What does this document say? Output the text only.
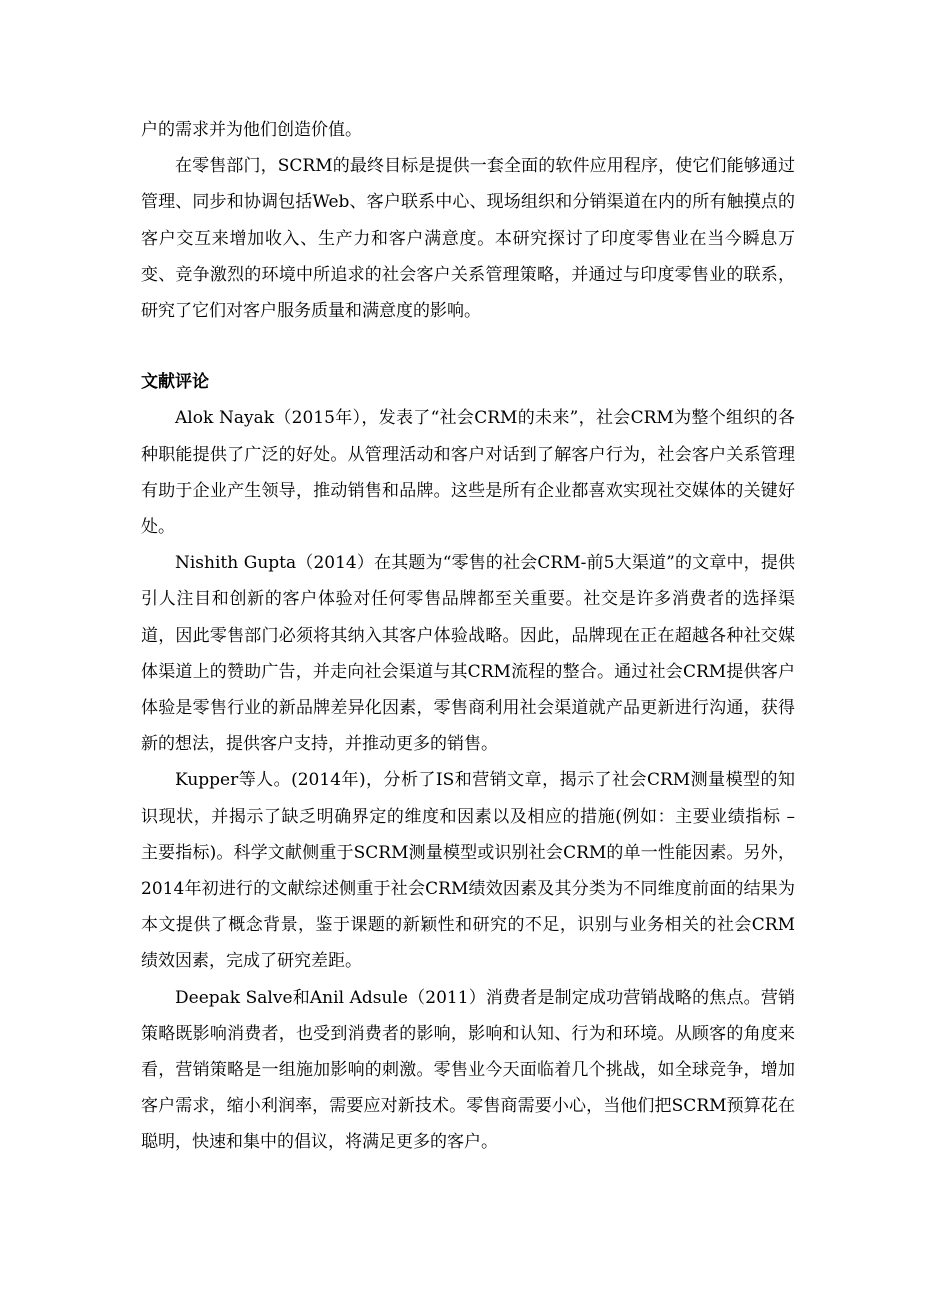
户的需求并为他们创造价值。

在零售部门，SCRM的最终目标是提供一套全面的软件应用程序，使它们能够通过管理、同步和协调包括Web、客户联系中心、现场组织和分销渠道在内的所有触摸点的客户交互来增加收入、生产力和客户满意度。本研究探讨了印度零售业在当今瞬息万变、竞争激烈的环境中所追求的社会客户关系管理策略，并通过与印度零售业的联系，研究了它们对客户服务质量和满意度的影响。

文献评论

Alok Nayak（2015年），发表了“社会CRM的未来”，社会CRM为整个组织的各种职能提供了广泛的好处。从管理活动和客户对话到了解客户行为，社会客户关系管理有助于企业产生领导，推动销售和品牌。这些是所有企业都喜欢实现社交媒体的关键好处。

Nishith Gupta（2014）在其题为“零售的社会CRM-前5大渠道”的文章中，提供引人注目和创新的客户体验对任何零售品牌都至关重要。社交是许多消费者的选择渠道，因此零售部门必须将其纳入其客户体验战略。因此，品牌现在正在超越各种社交媒体渠道上的赞助广告，并走向社会渠道与其CRM流程的整合。通过社会CRM提供客户体验是零售行业的新品牌差异化因素，零售商利用社会渠道就产品更新进行沟通，获得新的想法，提供客户支持，并推动更多的销售。

Kupper等人。(2014年)，分析了IS和营销文章，揭示了社会CRM测量模型的知识现状，并揭示了缺乏明确界定的维度和因素以及相应的措施(例如：主要业绩指标 – 主要指标)。科学文献侧重于SCRM测量模型或识别社会CRM的单一性能因素。另外，2014年初进行的文献综述侧重于社会CRM绩效因素及其分类为不同维度前面的结果为本文提供了概念背景，鉴于课题的新颖性和研究的不足，识别与业务相关的社会CRM绩效因素，完成了研究差距。

Deepak Salve和Anil Adsule（2011）消费者是制定成功营销战略的焦点。营销策略既影响消费者，也受到消费者的影响，影响和认知、行为和环境。从顾客的角度来看，营销策略是一组施加影响的刺激。零售业今天面临着几个挑战，如全球竞争，增加客户需求，缩小利润率，需要应对新技术。零售商需要小心，当他们把SCRM预算花在聪明，快速和集中的倡议，将满足更多的客户。
